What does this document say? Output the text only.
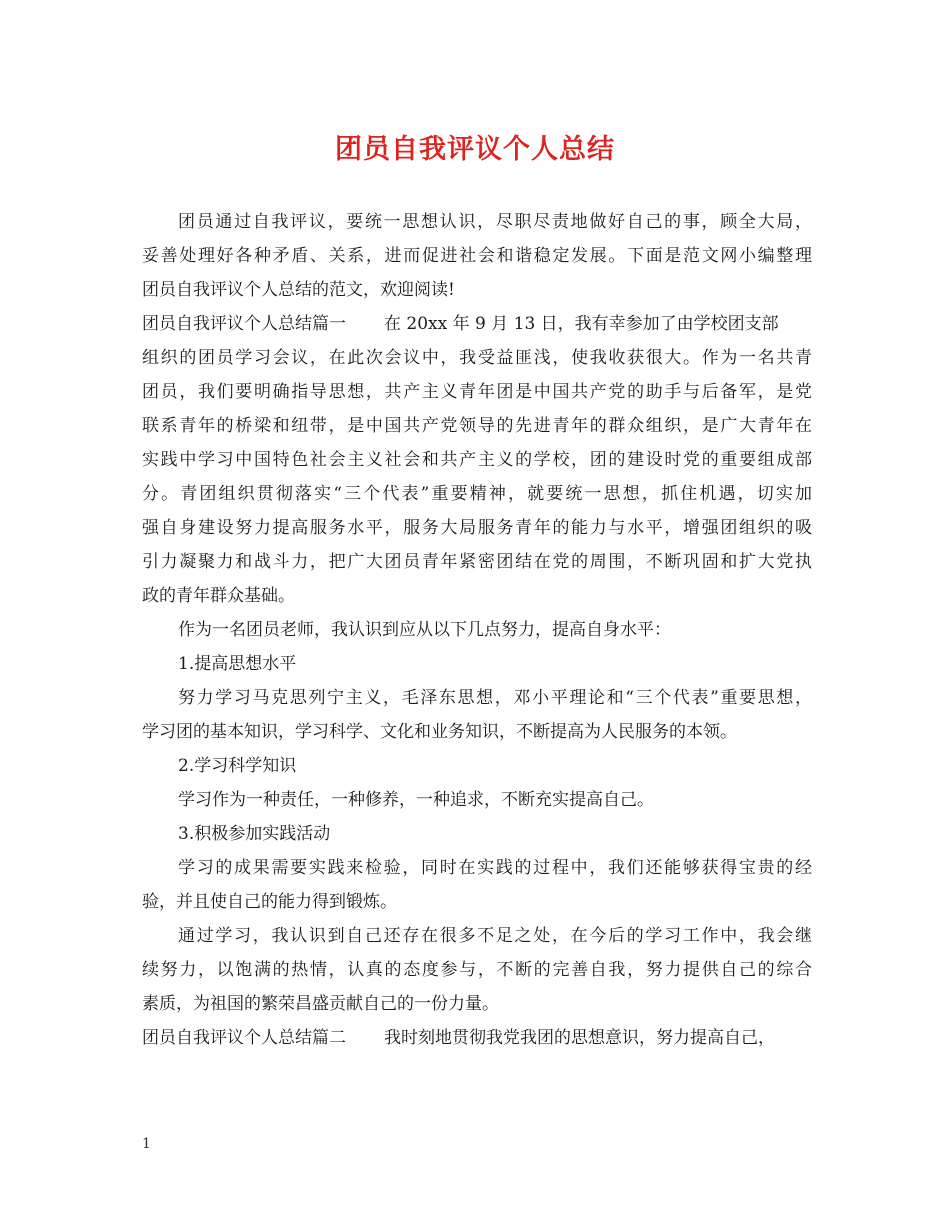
团员自我评议个人总结
团员通过自我评议，要统一思想认识，尽职尽责地做好自己的事，顾全大局，
妥善处理好各种矛盾、关系，进而促进社会和谐稳定发展。下面是范文网小编整理
团员自我评议个人总结的范文，欢迎阅读!
团员自我评议个人总结篇一 在 20xx 年 9 月 13 日，我有幸参加了由学校团支部
组织的团员学习会议，在此次会议中，我受益匪浅，使我收获很大。作为一名共青
团员，我们要明确指导思想，共产主义青年团是中国共产党的助手与后备军，是党
联系青年的桥梁和纽带，是中国共产党领导的先进青年的群众组织，是广大青年在
实践中学习中国特色社会主义社会和共产主义的学校，团的建设时党的重要组成部
分。青团组织贯彻落实“三个代表”重要精神，就要统一思想，抓住机遇，切实加
强自身建设努力提高服务水平，服务大局服务青年的能力与水平，增强团组织的吸
引力凝聚力和战斗力，把广大团员青年紧密团结在党的周围，不断巩固和扩大党执
政的青年群众基础。
作为一名团员老师，我认识到应从以下几点努力，提高自身水平：
1.提高思想水平
努力学习马克思列宁主义，毛泽东思想，邓小平理论和“三个代表”重要思想，
学习团的基本知识，学习科学、文化和业务知识，不断提高为人民服务的本领。
2.学习科学知识
学习作为一种责任，一种修养，一种追求，不断充实提高自己。
3.积极参加实践活动
学习的成果需要实践来检验，同时在实践的过程中，我们还能够获得宝贵的经
验，并且使自己的能力得到锻炼。
通过学习，我认识到自己还存在很多不足之处，在今后的学习工作中，我会继
续努力，以饱满的热情，认真的态度参与，不断的完善自我，努力提供自己的综合
素质，为祖国的繁荣昌盛贡献自己的一份力量。
团员自我评议个人总结篇二 我时刻地贯彻我党我团的思想意识，努力提高自己，
1
